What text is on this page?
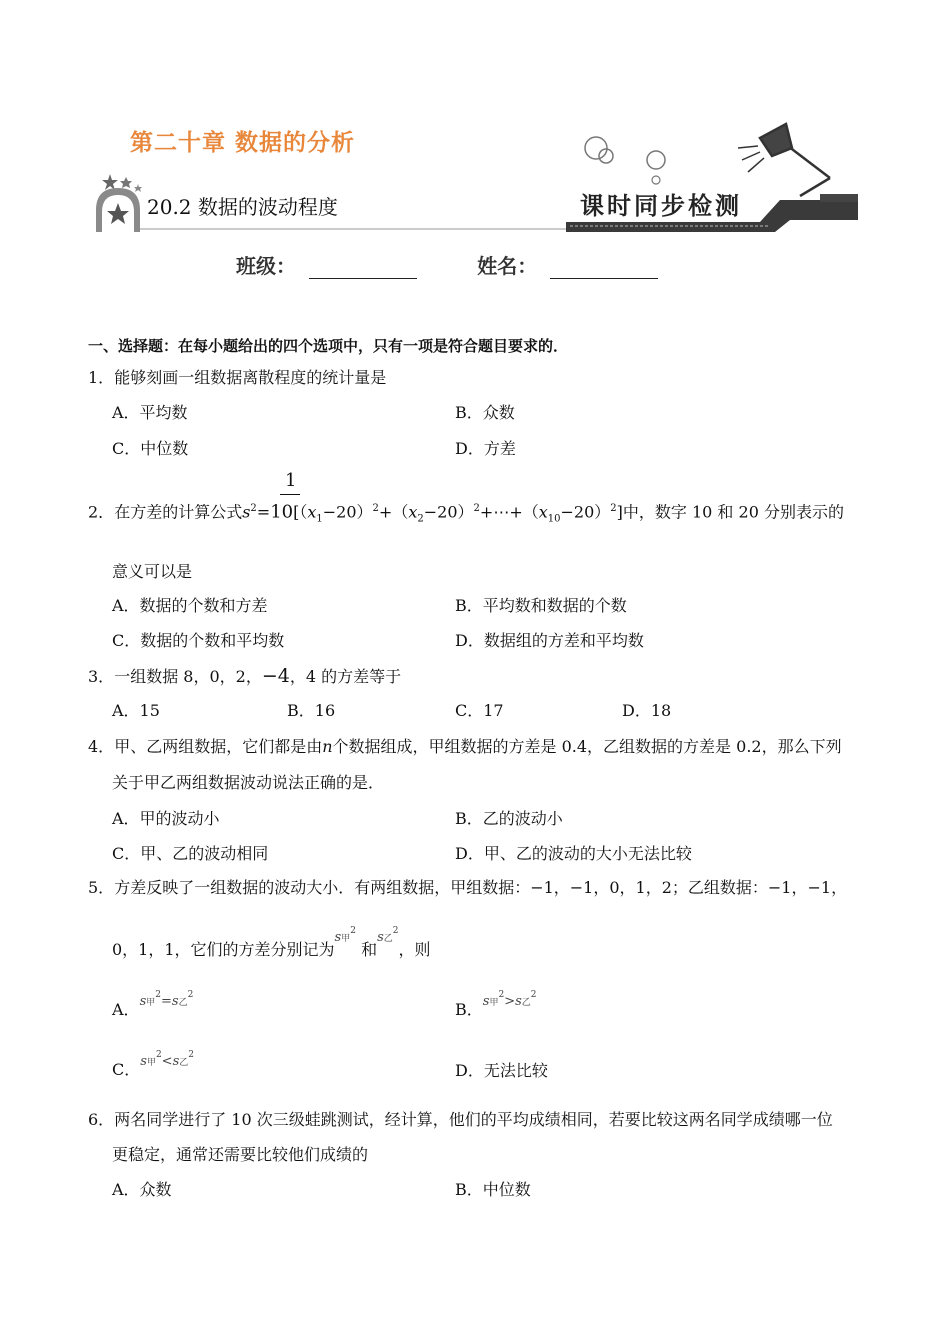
第二十章 数据的分析
20.2 数据的波动程度	课时同步检测
班级：	姓名：
一、选择题：在每小题给出的四个选项中，只有一项是符合题目要求的．
1．能够刻画一组数据离散程度的统计量是
A．平均数	B．众数
C．中位数	D．方差
1
2．在方差的计算公式$s^2=10[(x_1-20)^2+(x_2-20)^2+\cdots+(x_{10}-20)^2]$中，数字 10 和 20 分别表示的
意义可以是
A．数据的个数和方差	B．平均数和数据的个数
C．数据的个数和平均数	D．数据组的方差和平均数
3．一组数据 8，0，2，−4，4 的方差等于
A．15	B．16	C．17	D．18
4．甲、乙两组数据，它们都是由n个数据组成，甲组数据的方差是 0.4，乙组数据的方差是 0.2，那么下列
关于甲乙两组数据波动说法正确的是．
A．甲的波动小	B．乙的波动小
C．甲、乙的波动相同	D．甲、乙的波动的大小无法比较
5．方差反映了一组数据的波动大小．有两组数据，甲组数据：−1，−1，0，1，2；乙组数据：−1，−1，
0，1，1，它们的方差分别记为$^{s甲^2}$ 和$^{s乙^2}$，则
A．$^{s甲^2=s乙^2}$
B．$^{s甲^2>s乙^2}$
C．$^{s甲^2<s乙^2}$
D．无法比较
6．两名同学进行了 10 次三级蛙跳测试，经计算，他们的平均成绩相同，若要比较这两名同学成绩哪一位
更稳定，通常还需要比较他们成绩的
A．众数	B．中位数
